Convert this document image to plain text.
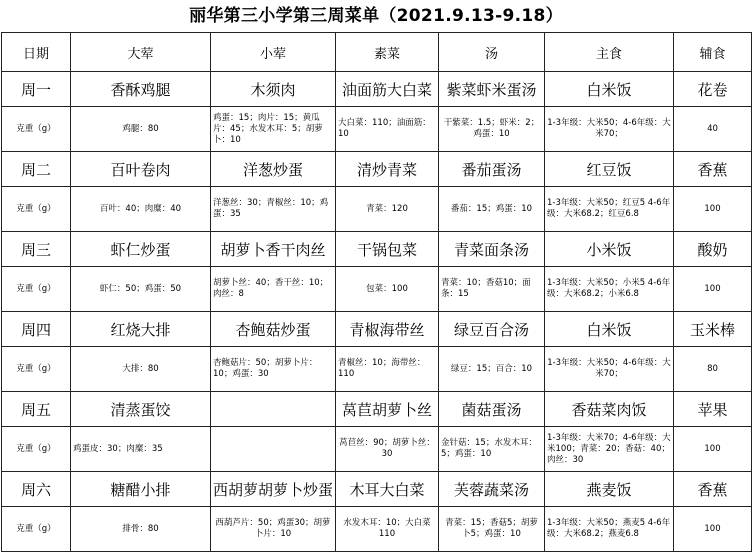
丽华第三小学第三周菜单（2021.9.13-9.18）
日期	大荤	小荤	素菜	汤	主食	辅食
周一	香酥鸡腿	木须肉	油面筋大白菜	紫菜虾米蛋汤	白米饭	花卷
克重（g）	鸡腿：80	鸡蛋：15；肉片：15；黄瓜片：45；水发木耳：5；胡萝卜：10	大白菜：110；油面筋：10	干紫菜：1.5；虾米：2；鸡蛋：10	1-3年级：大米50；4-6年级：大米70；	40
周二	百叶卷肉	洋葱炒蛋	清炒青菜	番茄蛋汤	红豆饭	香蕉
克重（g）	百叶：40；肉糜：40	洋葱丝：30；青椒丝：10；鸡蛋：35	青菜：120	番茄：15；鸡蛋：10	1-3年级：大米50；红豆5 4-6年级：大米68.2；红豆6.8	100
周三	虾仁炒蛋	胡萝卜香干肉丝	干锅包菜	青菜面条汤	小米饭	酸奶
克重（g）	虾仁：50；鸡蛋：50	胡萝卜丝：40；香干丝：10；肉丝：8	包菜：100	青菜：10；香菇10；面条：15	1-3年级：大米50；小米5 4-6年级：大米68.2；小米6.8	100
周四	红烧大排	杏鲍菇炒蛋	青椒海带丝	绿豆百合汤	白米饭	玉米棒
克重（g）	大排：80	杏鲍菇片：50；胡萝卜片：10；鸡蛋：30	青椒丝：10；海带丝：110	绿豆：15；百合：10	1-3年级：大米50；4-6年级：大米70；	80
周五	清蒸蛋饺		莴苣胡萝卜丝	菌菇蛋汤	香菇菜肉饭	苹果
克重（g）	鸡蛋皮：30；肉糜：35		莴苣丝：90；胡萝卜丝：30	金针菇：15；水发木耳：5；鸡蛋：10	1-3年级：大米70；4-6年级：大米100；青菜：20；香菇：40；肉丝：30	100
周六	糖醋小排	西胡萝胡萝卜炒蛋	木耳大白菜	芙蓉蔬菜汤	燕麦饭	香蕉
克重（g）	排骨：80	西葫芦片：50；鸡蛋30；胡萝卜片：10	水发木耳：10；大白菜110	青菜：15；香菇5；胡萝卜5；鸡蛋：10	1-3年级：大米50；燕麦5 4-6年级：大米68.2；燕麦6.8	100
